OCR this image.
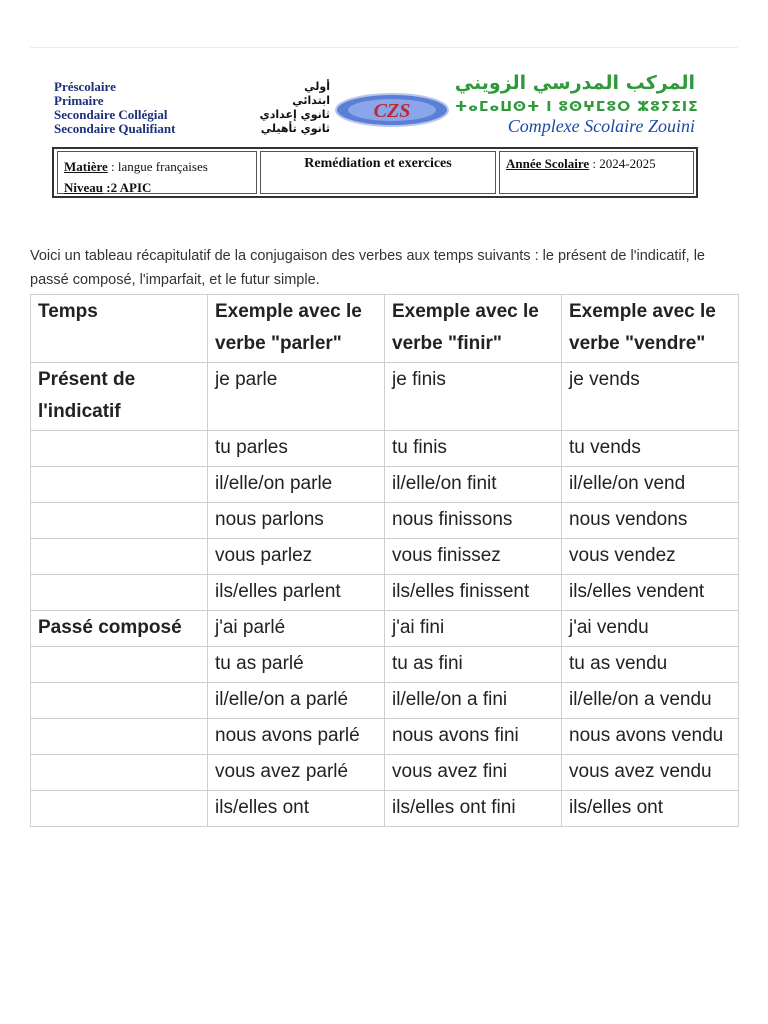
Préscolaire
Primaire
Secondaire Collégial
Secondaire Qualifiant
أولي
ابتدائي
ثانوي إعدادي
ثانوي تأهيلي
CZS
المركب المدرسي الزويني
ⵜⴰⵎⴰⵡⵙⵜ ⵏ ⵓⵙⵖⵎⵓⵔ ⵣⵓⵢⵉⵏⵉ
Complexe Scolaire Zouini
Matière : langue françaises
Niveau :2 APIC
Remédiation et exercices	Année Scolaire : 2024-2025
Voici un tableau récapitulatif de la conjugaison des verbes aux temps suivants : le présent de l'indicatif, le passé composé, l'imparfait, et le futur simple.
Temps	Exemple avec le verbe "parler"	Exemple avec le verbe "finir"	Exemple avec le verbe "vendre"
Présent de l'indicatif	je parle	je finis	je vends
	tu parles	tu finis	tu vends
	il/elle/on parle	il/elle/on finit	il/elle/on vend
	nous parlons	nous finissons	nous vendons
	vous parlez	vous finissez	vous vendez
	ils/elles parlent	ils/elles finissent	ils/elles vendent
Passé composé	j'ai parlé	j'ai fini	j'ai vendu
	tu as parlé	tu as fini	tu as vendu
	il/elle/on a parlé	il/elle/on a fini	il/elle/on a vendu
	nous avons parlé	nous avons fini	nous avons vendu
	vous avez parlé	vous avez fini	vous avez vendu
	ils/elles ont	ils/elles ont fini	ils/elles ont
